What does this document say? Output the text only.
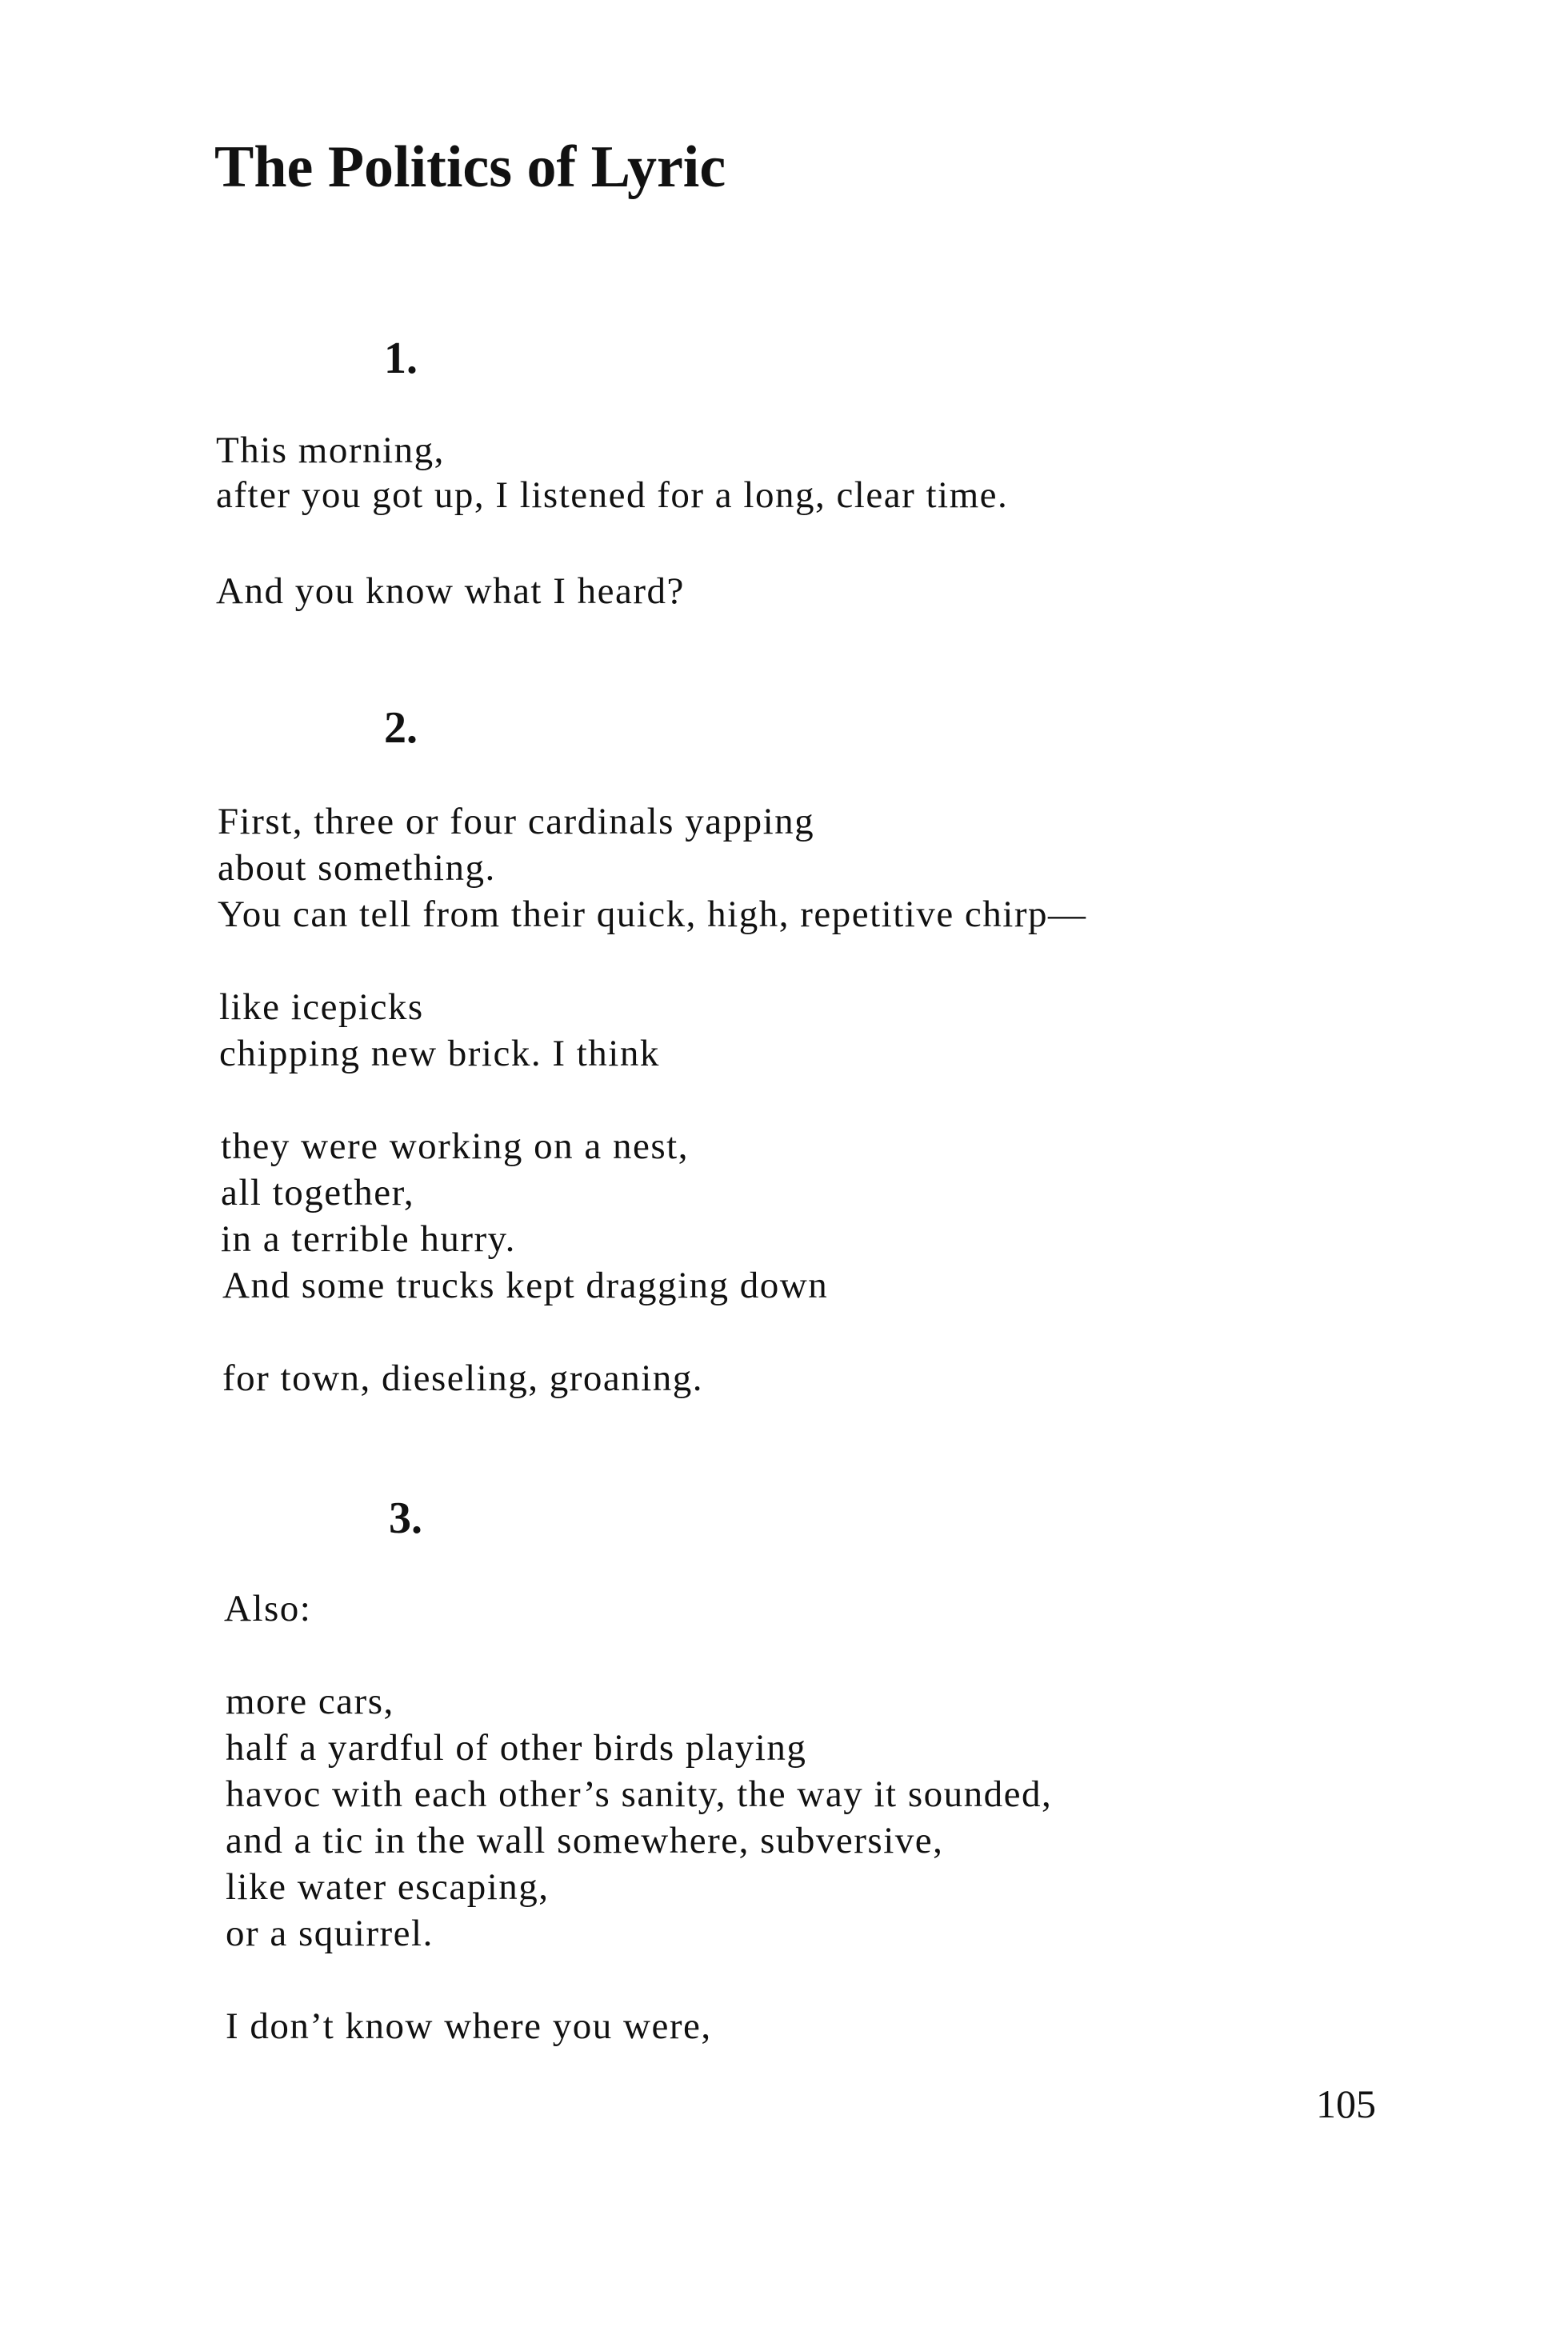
The Politics of Lyric
1.
This morning,
after you got up, I listened for a long, clear time.
And you know what I heard?
2.
First, three or four cardinals yapping
about something.
You can tell from their quick, high, repetitive chirp—
like icepicks
chipping new brick. I think
they were working on a nest,
all together,
in a terrible hurry.
And some trucks kept dragging down
for town, dieseling, groaning.
3.
Also:
more cars,
half a yardful of other birds playing
havoc with each other’s sanity, the way it sounded,
and a tic in the wall somewhere, subversive,
like water escaping,
or a squirrel.
I don’t know where you were,
105
